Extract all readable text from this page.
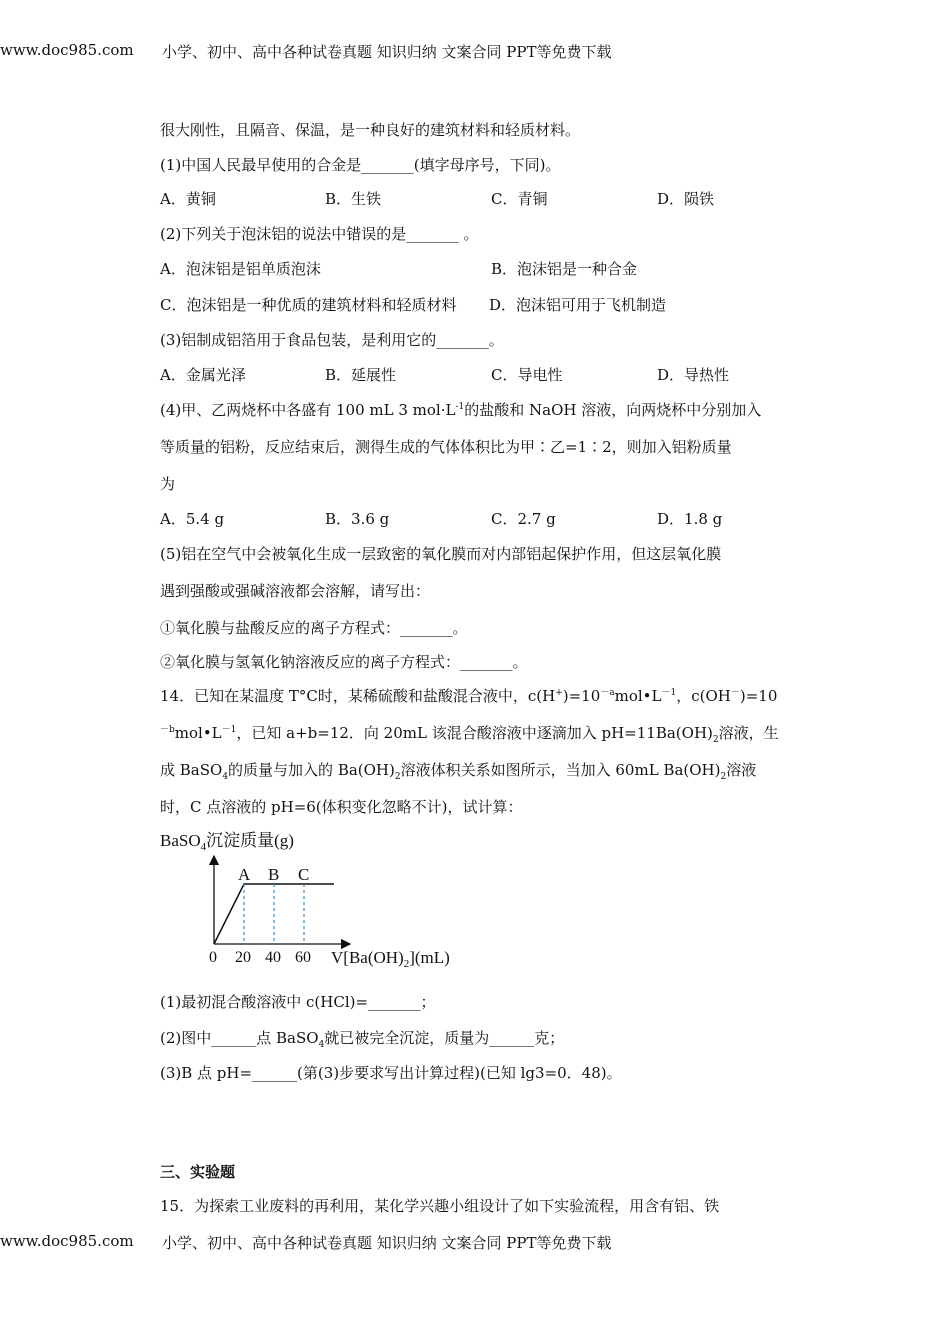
小学、初中、高中各种试卷真题 知识归纳 文案合同 PPT等免费下载
www.doc985.com
很大刚性，且隔音、保温，是一种良好的建筑材料和轻质材料。
(1)中国人民最早使用的合金是_______(填字母序号，下同)。
A．黄铜	B．生铁	C．青铜	D．陨铁
(2)下列关于泡沫铝的说法中错误的是_______ 。
A．泡沫铝是铝单质泡沫	B．泡沫铝是一种合金
C．泡沫铝是一种优质的建筑材料和轻质材料 D．泡沫铝可用于飞机制造
(3)铝制成铝箔用于食品包装，是利用它的_______。
A．金属光泽	B．延展性	C．导电性	D．导热性
(4)甲、乙两烧杯中各盛有 100 mL 3 $mol\cdot L^{-1}$的盐酸和 NaOH 溶液，向两烧杯中分别加入
等质量的铝粉，反应结束后，测得生成的气体体积比为甲∶乙=1∶2，则加入铝粉质量
为
A．5.4 g	B．3.6 g	C．2.7 g	D．1.8 g
(5)铝在空气中会被氧化生成一层致密的氧化膜而对内部铝起保护作用，但这层氧化膜
遇到强酸或强碱溶液都会溶解，请写出：
①氧化膜与盐酸反应的离子方程式：_______。
②氧化膜与氢氧化钠溶液反应的离子方程式：_______。
14．已知在某温度 T°C时，某稀硫酸和盐酸混合液中，$c(H^+)=10^{-a}mol•L^{-1}$，c(OH－)=10
$^{-b}mol•L^{-1}$，已知 a+b=12．向 20mL 该混合酸溶液中逐滴加入 $pH=11Ba(OH)_2$溶液，生
成 BaSO$_4$的质量与加入的 $Ba(OH)_2$溶液体积关系如图所示，当加入 60mL $Ba(OH)_2$溶液
时，C 点溶液的 pH=6(体积变化忽略不计)，试计算：
BaSO$_4$沉淀质量(g)
A B C
20 40 60
0	$V[Ba(OH)_2](mL)$
(1)最初混合酸溶液中 c(HCl)=_______；
(2)图中______点 BaSO$_4$就已被完全沉淀，质量为______克；
(3)B 点 pH=______(第(3)步要求写出计算过程)(已知 lg3=0．48)。
三、实验题
15．为探索工业废料的再利用，某化学兴趣小组设计了如下实验流程，用含有铝、铁
小学、初中、高中各种试卷真题 知识归纳 文案合同 PPT等免费下载
www.doc985.com
